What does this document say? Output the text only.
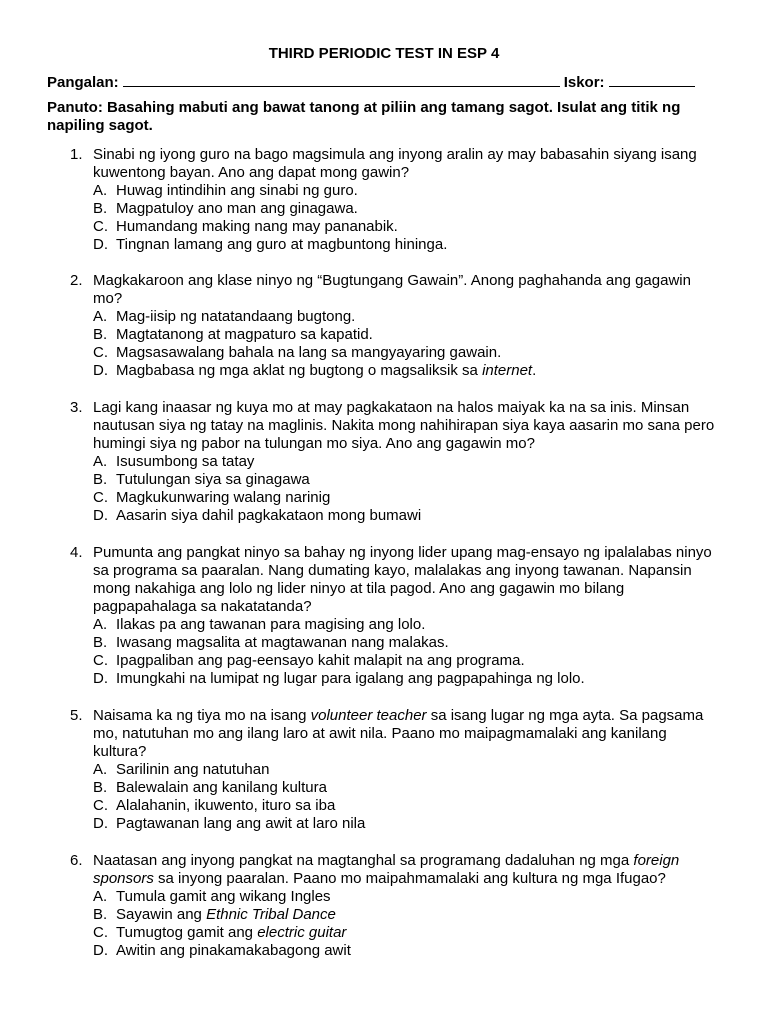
THIRD PERIODIC TEST IN ESP 4
Pangalan:	Iskor:
Panuto: Basahing mabuti ang bawat tanong at piliin ang tamang sagot. Isulat ang titik ng napiling sagot.
1. Sinabi ng iyong guro na bago magsimula ang inyong aralin ay may babasahin siyang isang kuwentong bayan. Ano ang dapat mong gawin?
A. Huwag intindihin ang sinabi ng guro.
B. Magpatuloy ano man ang ginagawa.
C. Humandang making nang may pananabik.
D. Tingnan lamang ang guro at magbuntong hininga.
2. Magkakaroon ang klase ninyo ng “Bugtungang Gawain”. Anong paghahanda ang gagawin mo?
A. Mag-iisip ng natatandaang bugtong.
B. Magtatanong at magpaturo sa kapatid.
C. Magsasawalang bahala na lang sa mangyayaring gawain.
D. Magbabasa ng mga aklat ng bugtong o magsaliksik sa internet.
3. Lagi kang inaasar ng kuya mo at may pagkakataon na halos maiyak ka na sa inis. Minsan nautusan siya ng tatay na maglinis. Nakita mong nahihirapan siya kaya aasarin mo sana pero humingi siya ng pabor na tulungan mo siya. Ano ang gagawin mo?
A. Isusumbong sa tatay
B. Tutulungan siya sa ginagawa
C. Magkukunwaring walang narinig
D. Aasarin siya dahil pagkakataon mong bumawi
4. Pumunta ang pangkat ninyo sa bahay ng inyong lider upang mag-ensayo ng ipalalabas ninyo sa programa sa paaralan. Nang dumating kayo, malalakas ang inyong tawanan. Napansin mong nakahiga ang lolo ng lider ninyo at tila pagod. Ano ang gagawin mo bilang pagpapahalaga sa nakatatanda?
A. Ilakas pa ang tawanan para magising ang lolo.
B. Iwasang magsalita at magtawanan nang malakas.
C. Ipagpaliban ang pag-eensayo kahit malapit na ang programa.
D. Imungkahi na lumipat ng lugar para igalang ang pagpapahinga ng lolo.
5. Naisama ka ng tiya mo na isang volunteer teacher sa isang lugar ng mga ayta. Sa pagsama mo, natutuhan mo ang ilang laro at awit nila. Paano mo maipagmamalaki ang kanilang kultura?
A. Sarilinin ang natutuhan
B. Balewalain ang kanilang kultura
C. Alalahanin, ikuwento, ituro sa iba
D. Pagtawanan lang ang awit at laro nila
6. Naatasan ang inyong pangkat na magtanghal sa programang dadaluhan ng mga foreign sponsors sa inyong paaralan. Paano mo maipahmamalaki ang kultura ng mga Ifugao?
A. Tumula gamit ang wikang Ingles
B. Sayawin ang Ethnic Tribal Dance
C. Tumugtog gamit ang electric guitar
D. Awitin ang pinakamakabagong awit
